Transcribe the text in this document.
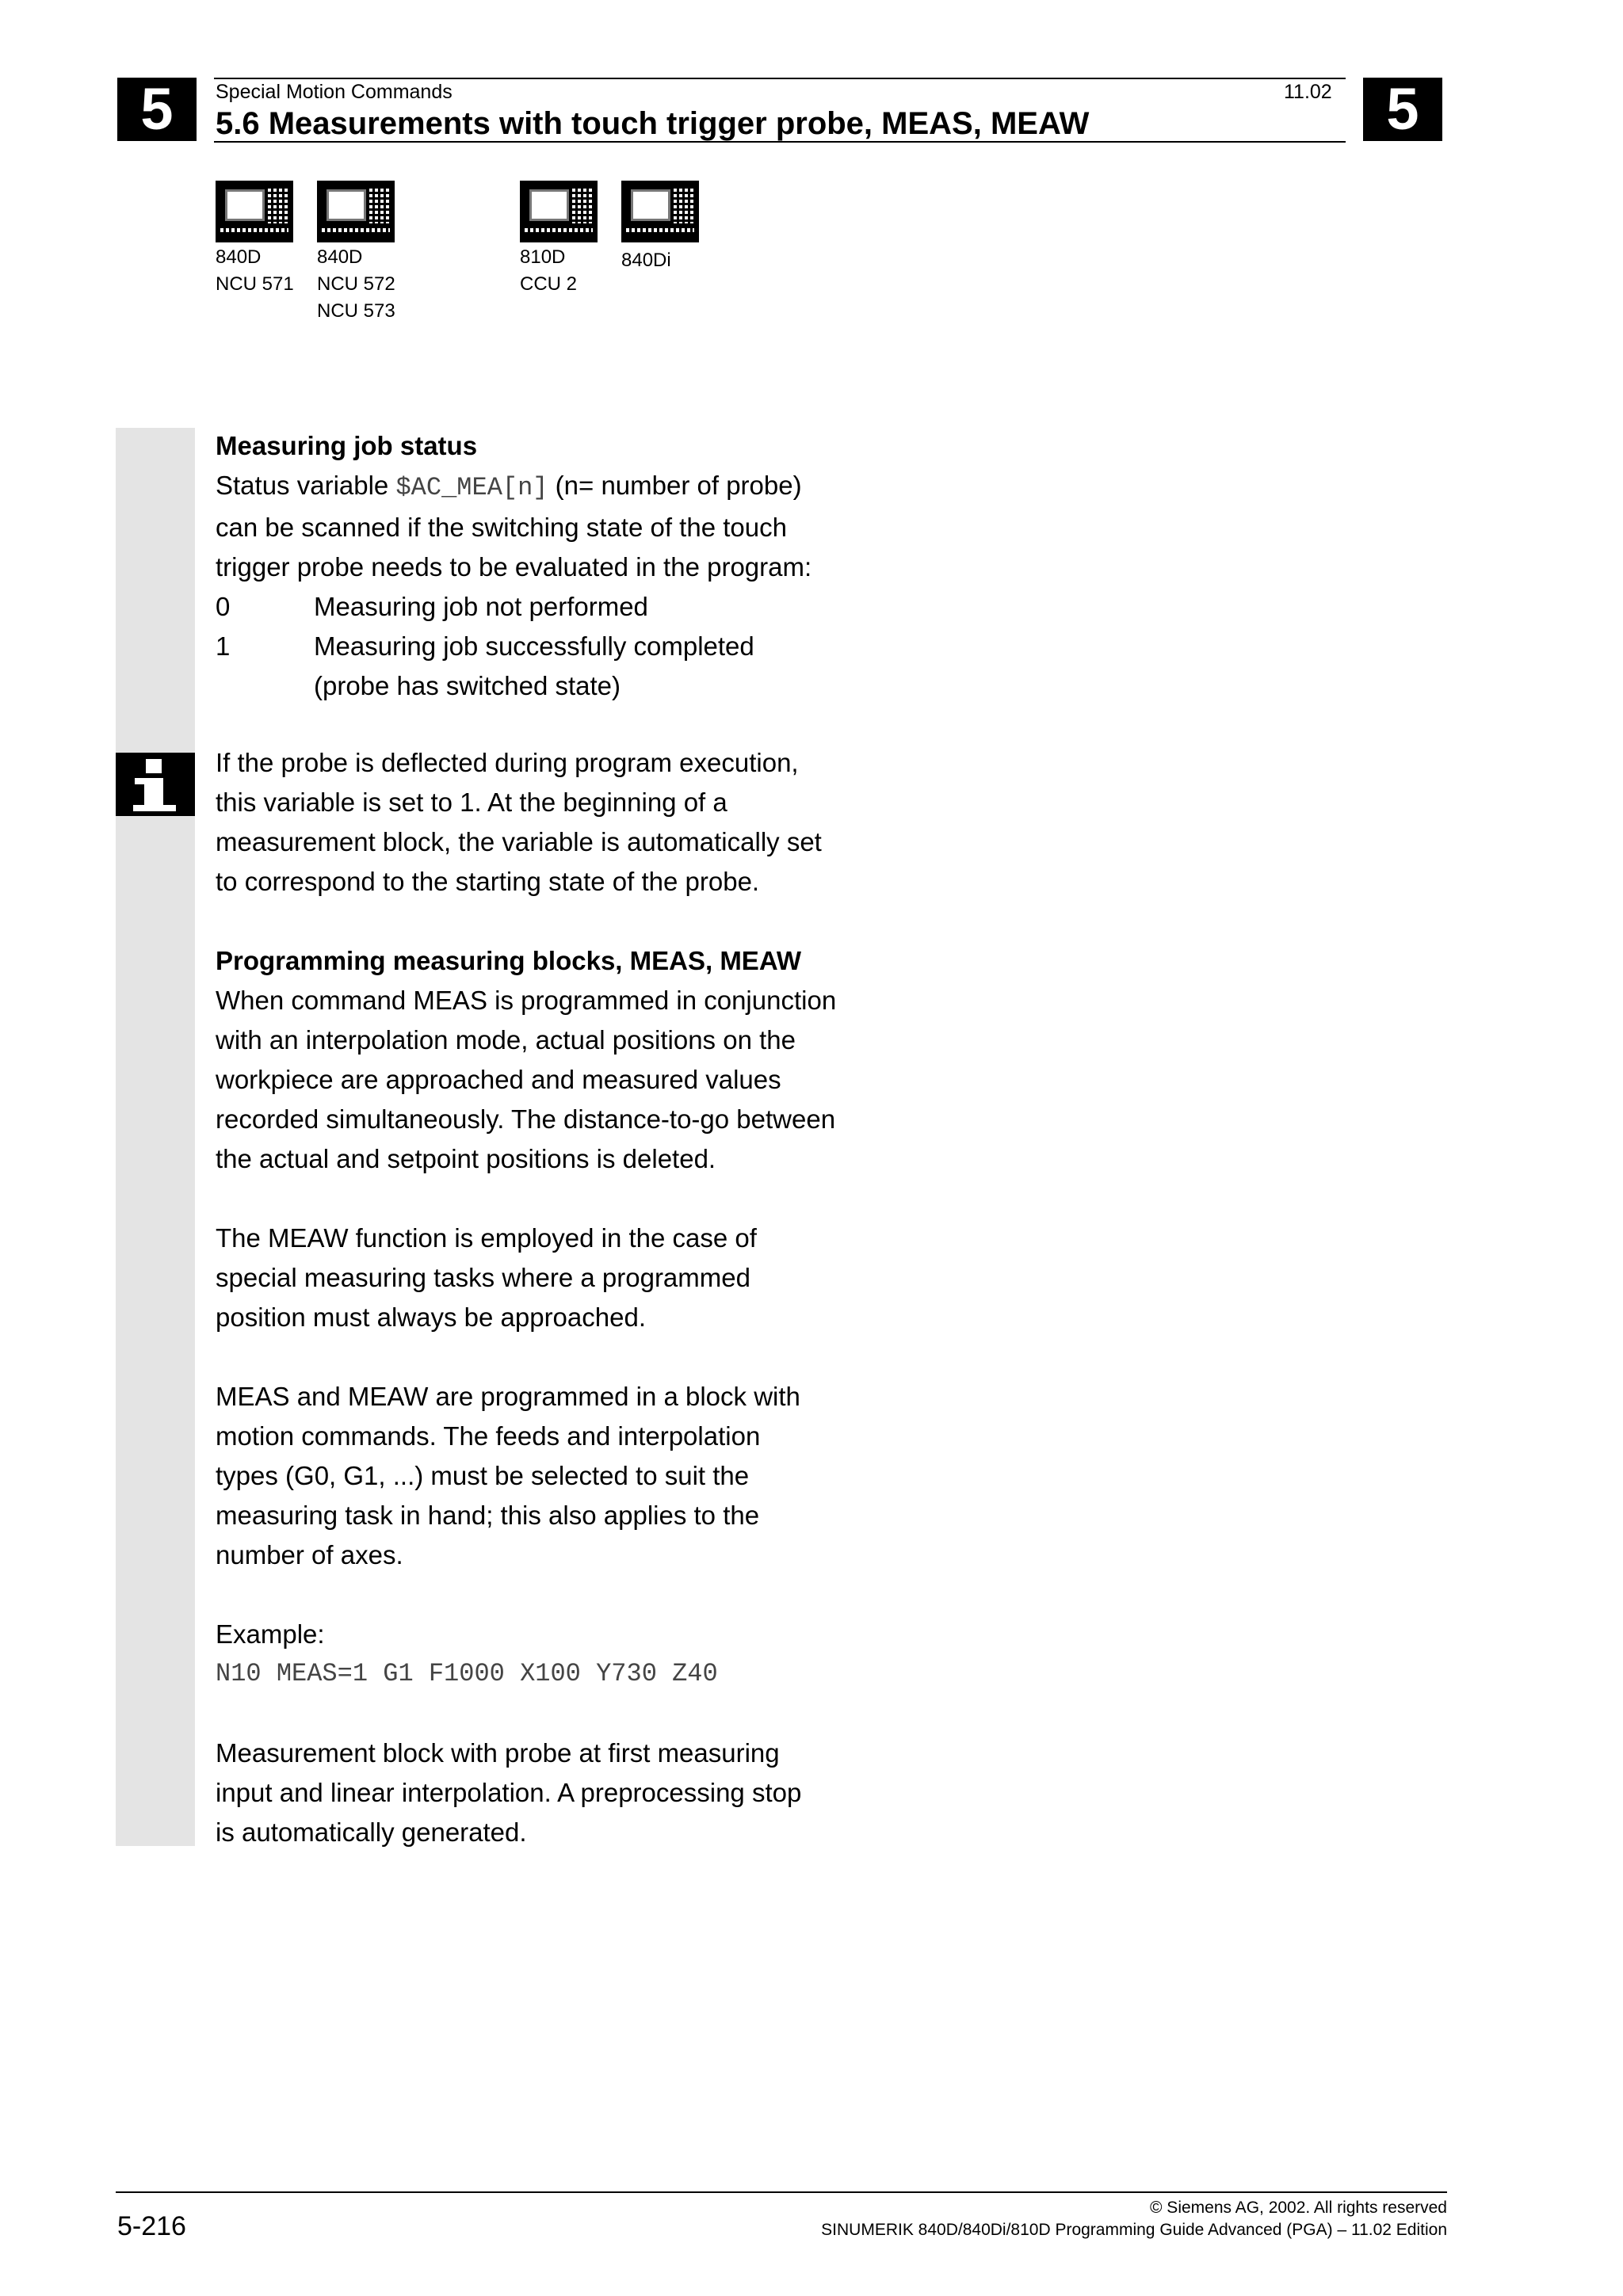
5	5
Special Motion Commands	11.02
5.6 Measurements with touch trigger probe, MEAS, MEAW
840D
NCU 571
840D
NCU 572
NCU 573
810D
CCU 2
840Di

Measuring job status

Status variable $AC_MEA[n] (n= number of probe)

can be scanned if the switching state of the touch

trigger probe needs to be evaluated in the program:

0	Measuring job not performed
1	Measuring job successfully completed
(probe has switched state)

If the probe is deflected during program execution,

this variable is set to 1. At the beginning of a

measurement block, the variable is automatically set

to correspond to the starting state of the probe.

Programming measuring blocks, MEAS, MEAW

When command MEAS is programmed in conjunction

with an interpolation mode, actual positions on the

workpiece are approached and measured values

recorded simultaneously. The distance-to-go between

the actual and setpoint positions is deleted.

The MEAW function is employed in the case of

special measuring tasks where a programmed

position must always be approached.

MEAS and MEAW are programmed in a block with

motion commands. The feeds and interpolation

types (G0, G1, ...) must be selected to suit the

measuring task in hand; this also applies to the

number of axes.

Example:

N10 MEAS=1 G1 F1000 X100 Y730 Z40

Measurement block with probe at first measuring

input and linear interpolation. A preprocessing stop

is automatically generated.

5-216
© Siemens AG, 2002. All rights reserved
SINUMERIK 840D/840Di/810D Programming Guide Advanced (PGA) – 11.02 Edition
